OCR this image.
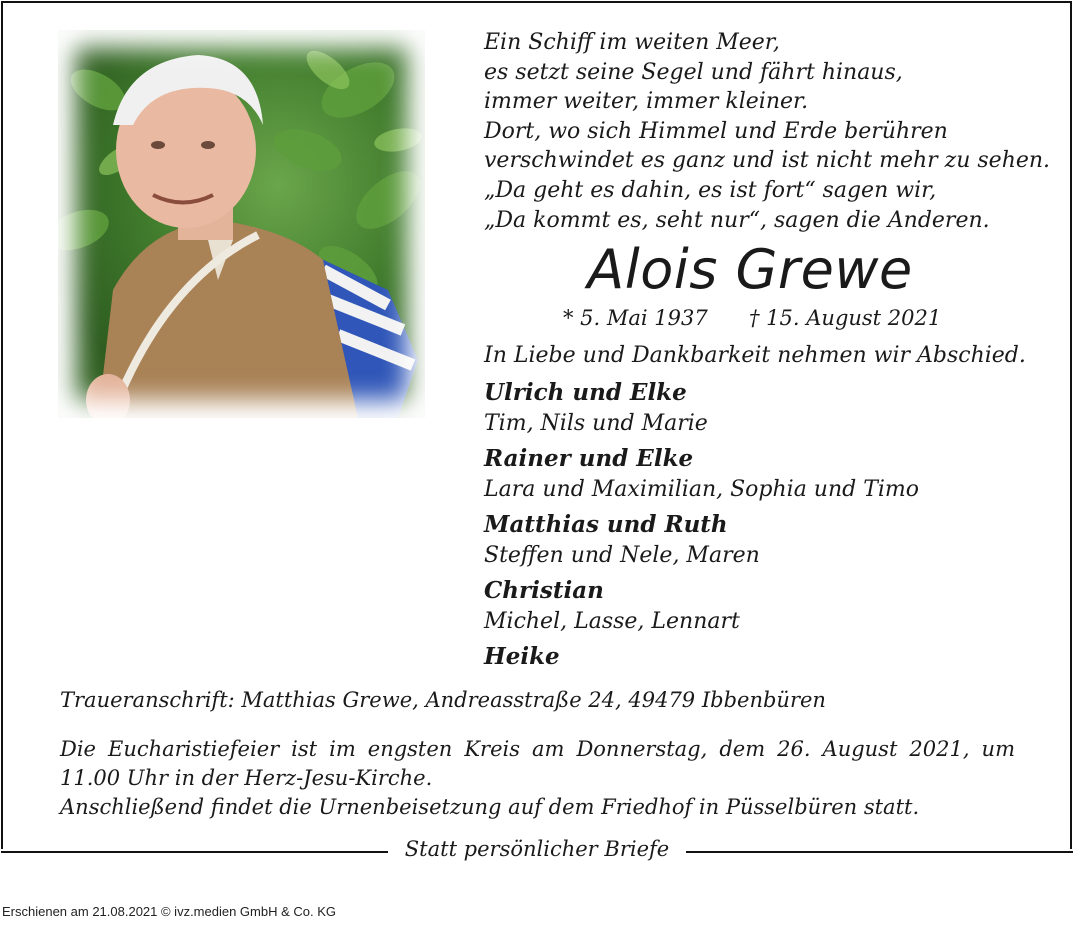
Ein Schiff im weiten Meer,
es setzt seine Segel und fährt hinaus,
immer weiter, immer kleiner.
Dort, wo sich Himmel und Erde berühren
verschwindet es ganz und ist nicht mehr zu sehen.
„Da geht es dahin, es ist fort“ sagen wir,
„Da kommt es, seht nur“, sagen die Anderen.
Alois Grewe
* 5. Mai 1937 † 15. August 2021
In Liebe und Dankbarkeit nehmen wir Abschied.
Ulrich und Elke
Tim, Nils und Marie
Rainer und Elke
Lara und Maximilian, Sophia und Timo
Matthias und Ruth
Steffen und Nele, Maren
Christian
Michel, Lasse, Lennart
Heike
Traueranschrift: Matthias Grewe, Andreasstraße 24, 49479 Ibbenbüren
Die Eucharistiefeier ist im engsten Kreis am Donnerstag, dem 26. August 2021, um
11.00 Uhr in der Herz-Jesu-Kirche.
Anschließend findet die Urnenbeisetzung auf dem Friedhof in Püsselbüren statt.
Statt persönlicher Briefe
Erschienen am 21.08.2021 © ivz.medien GmbH & Co. KG
